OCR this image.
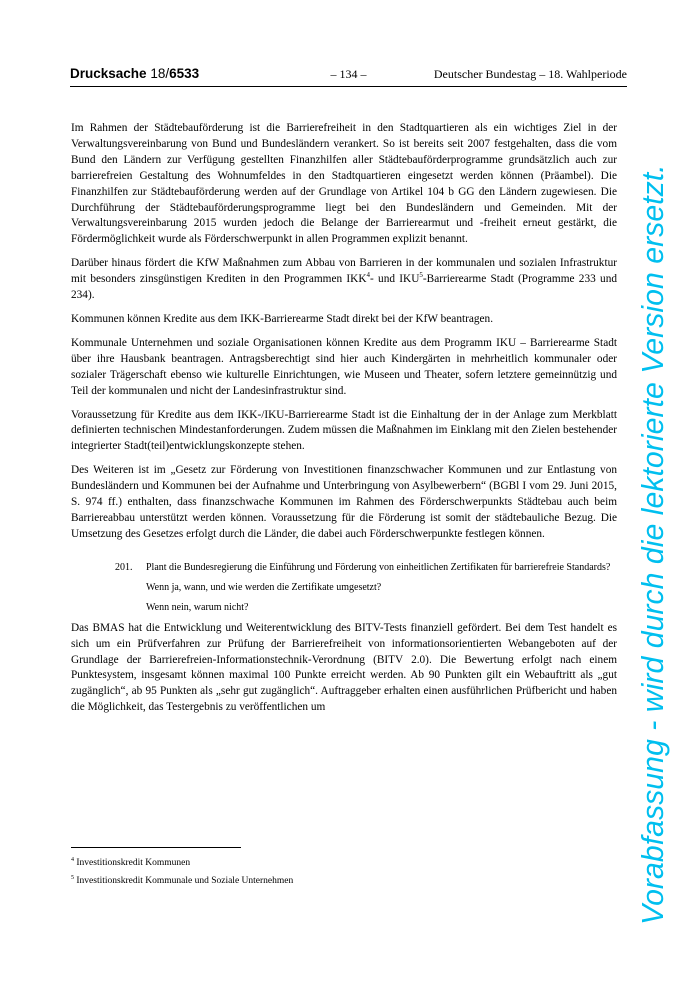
Drucksache 18/6533	– 134 –	Deutscher Bundestag – 18. Wahlperiode

Im Rahmen der Städtebauförderung ist die Barrierefreiheit in den Stadtquartieren als ein wichtiges Ziel in der Verwaltungsvereinbarung von Bund und Bundesländern verankert. So ist bereits seit 2007 festgehalten, dass die vom Bund den Ländern zur Verfügung gestellten Finanzhilfen aller Städtebauförderprogramme grundsätzlich auch zur barrierefreien Gestaltung des Wohnumfeldes in den Stadtquartieren eingesetzt werden können (Präambel). Die Finanzhilfen zur Städtebauförderung werden auf der Grundlage von Artikel 104 b GG den Ländern zugewiesen. Die Durchführung der Städtebauförderungsprogramme liegt bei den Bundesländern und Gemeinden. Mit der Verwaltungsvereinbarung 2015 wurden jedoch die Belange der Barrierearmut und -freiheit erneut gestärkt, die Fördermöglichkeit wurde als Förderschwerpunkt in allen Programmen explizit benannt.

Darüber hinaus fördert die KfW Maßnahmen zum Abbau von Barrieren in der kommunalen und sozialen Infrastruktur mit besonders zinsgünstigen Krediten in den Programmen IKK$^4$- und IKU$^5$-Barrierearme Stadt (Programme 233 und 234).

Kommunen können Kredite aus dem IKK-Barrierearme Stadt direkt bei der KfW beantragen.

Kommunale Unternehmen und soziale Organisationen können Kredite aus dem Programm IKU – Barrierearme Stadt über ihre Hausbank beantragen. Antragsberechtigt sind hier auch Kindergärten in mehrheitlich kommunaler oder sozialer Trägerschaft ebenso wie kulturelle Einrichtungen, wie Museen und Theater, sofern letztere gemeinnützig und Teil der kommunalen und nicht der Landesinfrastruktur sind.

Voraussetzung für Kredite aus dem IKK-/IKU-Barrierearme Stadt ist die Einhaltung der in der Anlage zum Merkblatt definierten technischen Mindestanforderungen. Zudem müssen die Maßnahmen im Einklang mit den Zielen bestehender integrierter Stadt(teil)entwicklungskonzepte stehen.

Des Weiteren ist im „Gesetz zur Förderung von Investitionen finanzschwacher Kommunen und zur Entlastung von Bundesländern und Kommunen bei der Aufnahme und Unterbringung von Asylbewerbern“ (BGBl I vom 29. Juni 2015, S. 974 ff.) enthalten, dass finanzschwache Kommunen im Rahmen des Förderschwerpunkts Städtebau auch beim Barriereabbau unterstützt werden können. Voraussetzung für die Förderung ist somit der städtebauliche Bezug. Die Umsetzung des Gesetzes erfolgt durch die Länder, die dabei auch Förderschwerpunkte festlegen können.

201. Plant die Bundesregierung die Einführung und Förderung von einheitlichen Zertifikaten für barrierefreie Standards?
Wenn ja, wann, und wie werden die Zertifikate umgesetzt?
Wenn nein, warum nicht?

Das BMAS hat die Entwicklung und Weiterentwicklung des BITV-Tests finanziell gefördert. Bei dem Test handelt es sich um ein Prüfverfahren zur Prüfung der Barrierefreiheit von informationsorientierten Webangeboten auf der Grundlage der Barrierefreien-Informationstechnik-Verordnung (BITV 2.0). Die Bewertung erfolgt nach einem Punktesystem, insgesamt können maximal 100 Punkte erreicht werden. Ab 90 Punkten gilt ein Webauftritt als „gut zugänglich“, ab 95 Punkten als „sehr gut zugänglich“. Auftraggeber erhalten einen ausführlichen Prüfbericht und haben die Möglichkeit, das Testergebnis zu veröffentlichen um

$^4$ Investitionskredit Kommunen
$^5$ Investitionskredit Kommunale und Soziale Unternehmen	Vorabfassung - wird durch die lektorierte Version ersetzt.
